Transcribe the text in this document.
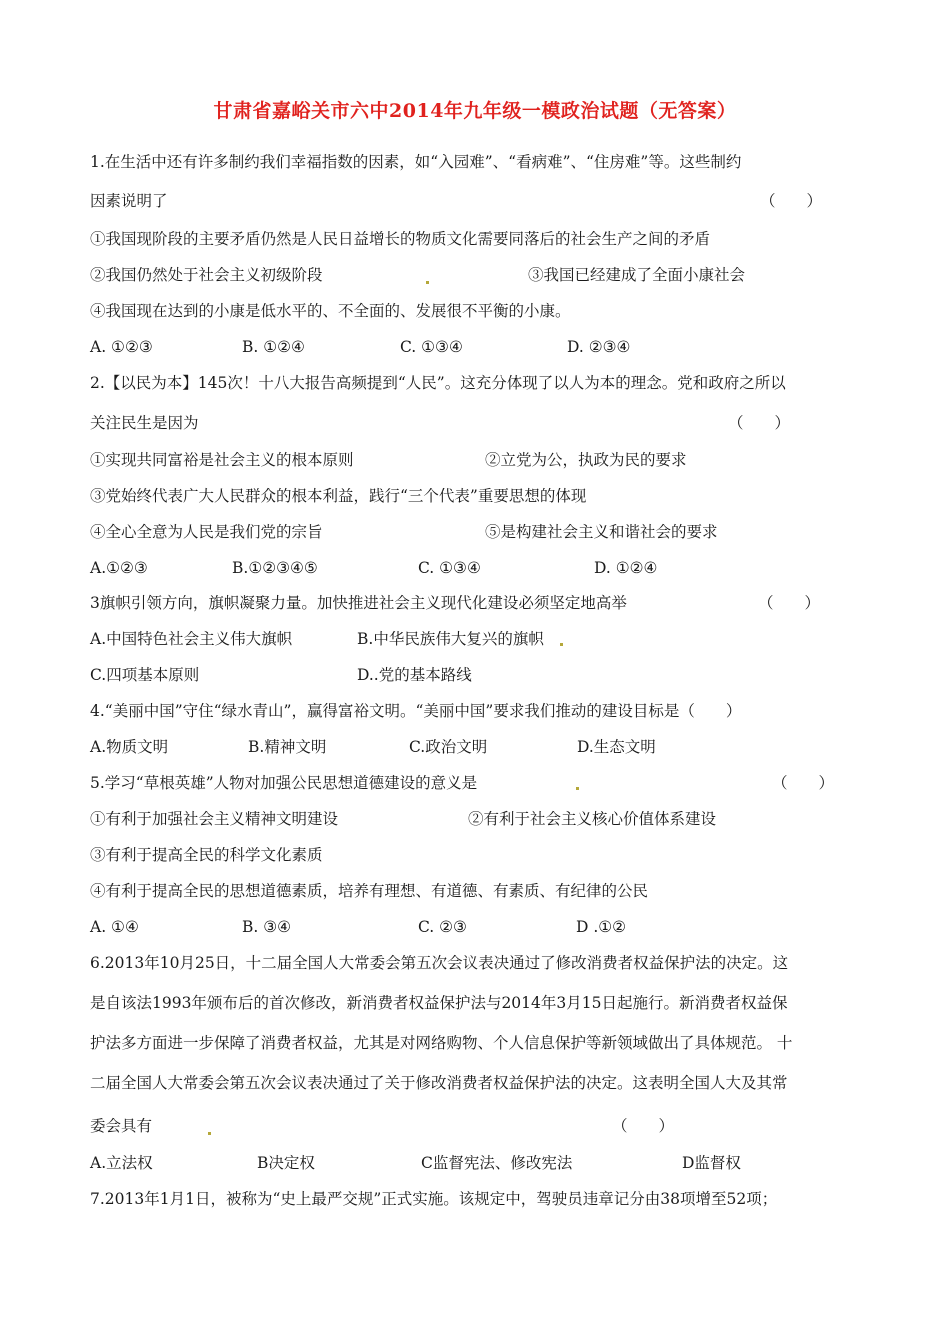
甘肃省嘉峪关市六中2014年九年级一模政治试题（无答案）
1.在生活中还有许多制约我们幸福指数的因素，如“入园难”、“看病难”、“住房难”等。这些制约
因素说明了	（　　）
①我国现阶段的主要矛盾仍然是人民日益增长的物质文化需要同落后的社会生产之间的矛盾
②我国仍然处于社会主义初级阶段	③我国已经建成了全面小康社会
④我国现在达到的小康是低水平的、不全面的、发展很不平衡的小康。
A. ①②③	B. ①②④	C. ①③④	D. ②③④
2.【以民为本】145次！十八大报告高频提到“人民”。这充分体现了以人为本的理念。党和政府之所以
关注民生是因为	（　　）
①实现共同富裕是社会主义的根本原则	②立党为公，执政为民的要求
③党始终代表广大人民群众的根本利益，践行“三个代表”重要思想的体现
④全心全意为人民是我们党的宗旨	⑤是构建社会主义和谐社会的要求
A.①②③	B.①②③④⑤	C. ①③④	D. ①②④
3旗帜引领方向，旗帜凝聚力量。加快推进社会主义现代化建设必须坚定地高举	（　　）
A.中国特色社会主义伟大旗帜	B.中华民族伟大复兴的旗帜
C.四项基本原则	D..党的基本路线
4.“美丽中国”守住“绿水青山”，赢得富裕文明。“美丽中国”要求我们推动的建设目标是（　　）
A.物质文明	B.精神文明	C.政治文明	D.生态文明
5.学习“草根英雄”人物对加强公民思想道德建设的意义是	（　　）
①有利于加强社会主义精神文明建设	②有利于社会主义核心价值体系建设
③有利于提高全民的科学文化素质
④有利于提高全民的思想道德素质，培养有理想、有道德、有素质、有纪律的公民
A. ①④	B. ③④	C. ②③	D .①②
6.2013年10月25日，十二届全国人大常委会第五次会议表决通过了修改消费者权益保护法的决定。这
是自该法1993年颁布后的首次修改，新消费者权益保护法与2014年3月15日起施行。新消费者权益保
护法多方面进一步保障了消费者权益，尤其是对网络购物、个人信息保护等新领域做出了具体规范。 十
二届全国人大常委会第五次会议表决通过了关于修改消费者权益保护法的决定。这表明全国人大及其常
委会具有	（　　）
A.立法权	B决定权	C监督宪法、修改宪法	D监督权
7.2013年1月1日，被称为“史上最严交规”正式实施。该规定中，驾驶员违章记分由38项增至52项；
